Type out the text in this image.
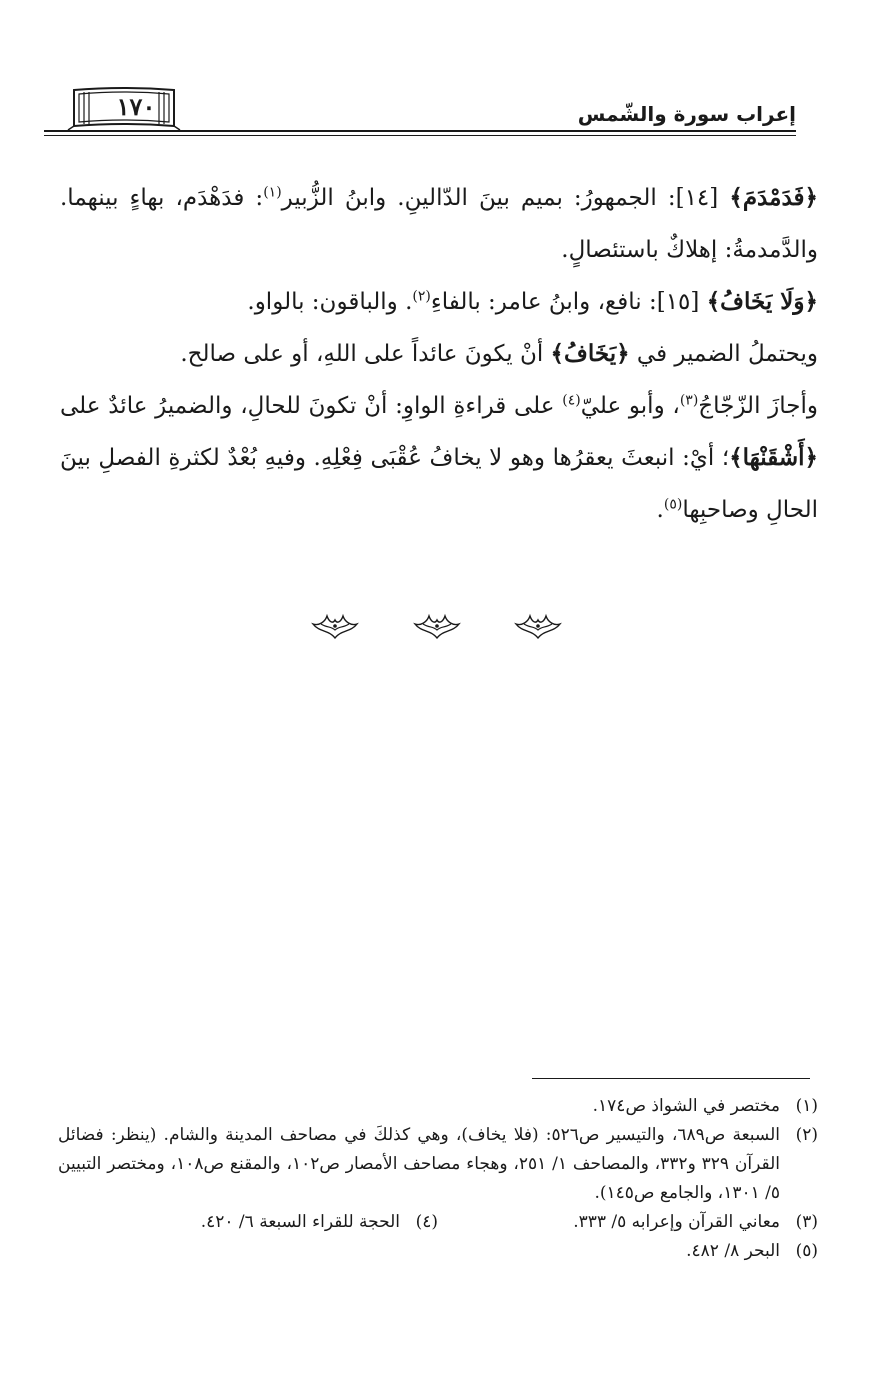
١٧٠	إعراب سورة والشّمس

﴿فَدَمْدَمَ﴾ [١٤]: الجمهورُ: بميم بينَ الدّالينِ. وابنُ الزُّبير$^{(١)}$: فدَهْدَم، بهاءٍ بينهما. والدَّمدمةُ: إهلاكٌ باستئصالٍ.

﴿وَلَا يَخَافُ﴾ [١٥]: نافع، وابنُ عامر: بالفاءِ$^{(٢)}$. والباقون: بالواو.

ويحتملُ الضمير في ﴿يَخَافُ﴾ أنْ يكونَ عائداً على اللهِ، أو على صالح.

وأجازَ الزّجّاجُ$^{(٣)}$، وأبو عليّ$^{(٤)}$ على قراءةِ الواوِ: أنْ تكونَ للحالِ، والضميرُ عائدٌ على ﴿أَشْقَنْهَا﴾؛ أيْ: انبعثَ يعقرُها وهو لا يخافُ عُقْبَى فِعْلِهِ. وفيهِ بُعْدٌ لكثرةِ الفصلِ بينَ الحالِ وصاحبِها$^{(٥)}$.

(١)
مختصر في الشواذ ص١٧٤.
(٢)
السبعة ص٦٨٩، والتيسير ص٥٢٦: (فلا يخاف)، وهي كذلكَ في مصاحف المدينة والشام. (ينظر: فضائل القرآن ٣٢٩ و٣٣٢، والمصاحف ١/ ٢٥١، وهجاء مصاحف الأمصار ص١٠٢، والمقنع ص١٠٨، ومختصر التبيين ٥/ ١٣٠١، والجامع ص١٤٥).
(٣)
معاني القرآن وإعرابه ٥/ ٣٣٣.
(٤)
الحجة للقراء السبعة ٦/ ٤٢٠.
(٥)
البحر ٨/ ٤٨٢.
